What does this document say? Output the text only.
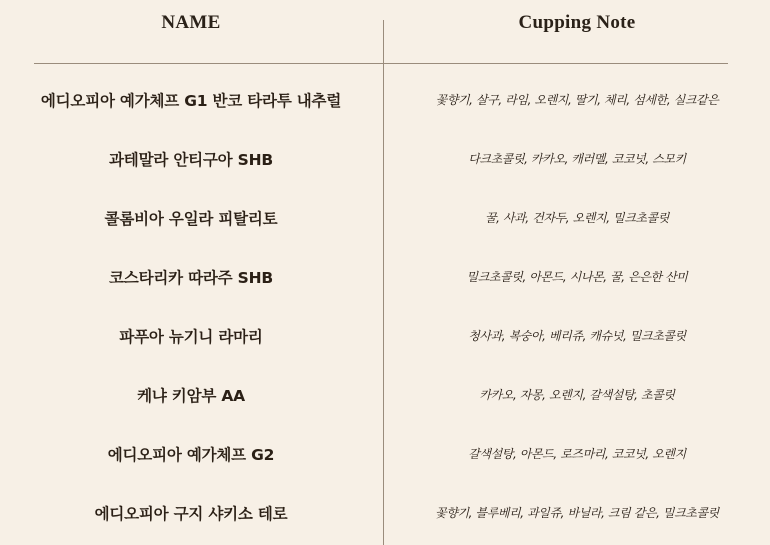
NAME	Cupping Note
에디오피아 예가체프 G1 반코 타라투 내추럴	꽃향기, 살구, 라임, 오렌지, 딸기, 체리, 섬세한, 실크같은
과테말라 안티구아 SHB	다크초콜릿, 카카오, 캐러멜, 코코넛, 스모키
콜롬비아 우일라 피탈리토	꿀, 사과, 건자두, 오렌지, 밀크초콜릿
코스타리카 따라주 SHB	밀크초콜릿, 아몬드, 시나몬, 꿀, 은은한 산미
파푸아 뉴기니 라마리	청사과, 복숭아, 베리쥬, 캐슈넛, 밀크초콜릿
케냐 키암부 AA	카카오, 자몽, 오렌지, 갈색설탕, 초콜릿
에디오피아 예가체프 G2	갈색설탕, 아몬드, 로즈마리, 코코넛, 오렌지
에디오피아 구지 샤키소 테로	꽃향기, 블루베리, 과일쥬, 바닐라, 크림 같은, 밀크초콜릿
